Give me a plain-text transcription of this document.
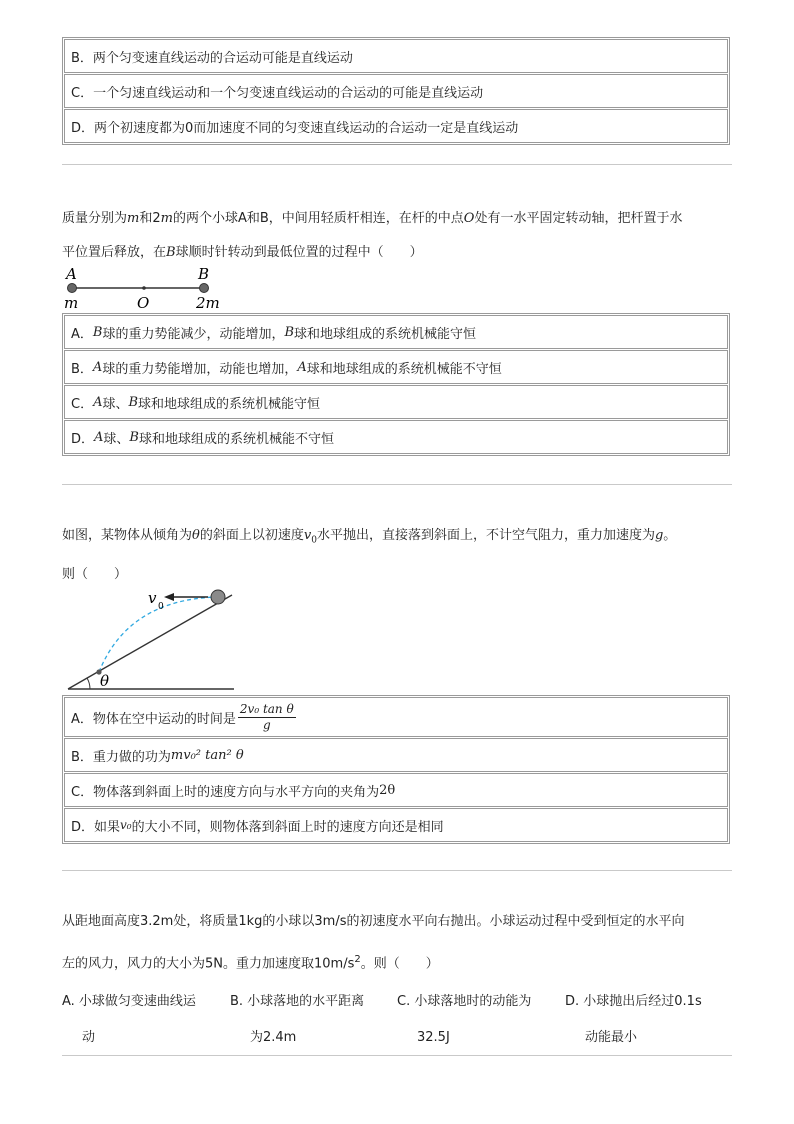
B．两个匀变速直线运动的合运动可能是直线运动
C．一个匀速直线运动和一个匀变速直线运动的合运动的可能是直线运动
D．两个初速度都为0而加速度不同的匀变速直线运动的合运动一定是直线运动
质量分别为m和2m的两个小球A和B，中间用轻质杆相连，在杆的中点O处有一水平固定转动轴，把杆置于水
平位置后释放，在B球顺时针转动到最低位置的过程中（　　）
A	B
m	O	2m
A． B 球的重力势能减少，动能增加， B 球和地球组成的系统机械能守恒
B． A 球的重力势能增加，动能也增加， A 球和地球组成的系统机械能不守恒
C． A 球、 B 球和地球组成的系统机械能守恒
D． A 球、 B 球和地球组成的系统机械能不守恒
如图，某物体从倾角为θ的斜面上以初速度$v_0$水平抛出，直接落到斜面上，不计空气阻力，重力加速度为g。
则（　　）
v 0
θ
A．物体在空中运动的时间是 $\frac{\text{2v₀ tan θ}}{g}$
B．重力做的功为 mv₀² tan² θ
C．物体落到斜面上时的速度方向与水平方向的夹角为 2θ
D．如果 v₀ 的大小不同，则物体落到斜面上时的速度方向还是相同
从距地面高度3.2m处，将质量1kg的小球以3m/s的初速度水平向右抛出。小球运动过程中受到恒定的水平向
左的风力，风力的大小为5N。重力加速度取$10m/s^2$。则（　　）
A. 小球做匀变速曲线运
动
B. 小球落地的水平距离
为2.4m
C. 小球落地时的动能为
32.5J
D. 小球抛出后经过0.1s
动能最小
